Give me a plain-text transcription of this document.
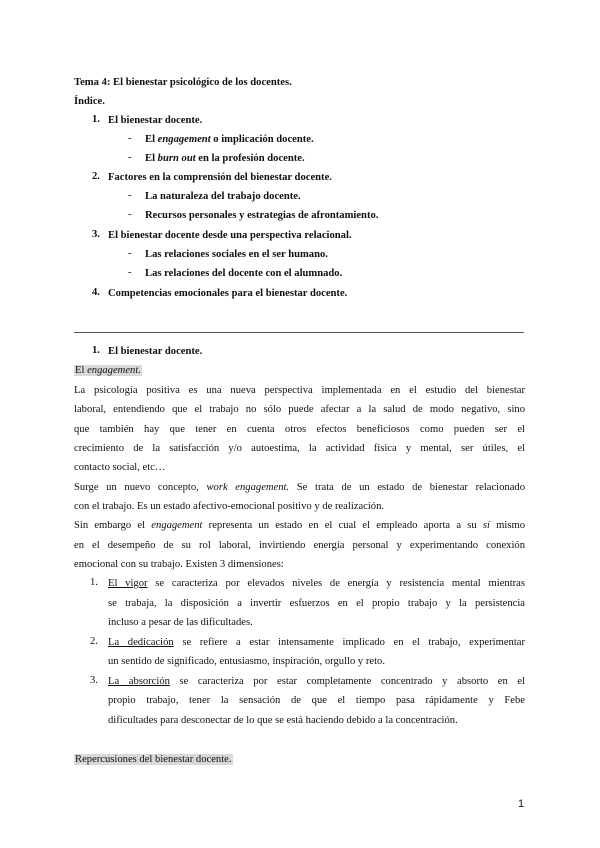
Tema 4: El bienestar psicológico de los docentes.
Índice.
1. El bienestar docente.
- El engagement o implicación docente.
- El burn out en la profesión docente.
2. Factores en la comprensión del bienestar docente.
- La naturaleza del trabajo docente.
- Recursos personales y estrategias de afrontamiento.
3. El bienestar docente desde una perspectiva relacional.
- Las relaciones sociales en el ser humano.
- Las relaciones del docente con el alumnado.
4. Competencias emocionales para el bienestar docente.
1. El bienestar docente.
El engagement.
La psicología positiva es una nueva perspectiva implementada en el estudio del bienestar
laboral, entendiendo que el trabajo no sólo puede afectar a la salud de modo negativo, sino
que también hay que tener en cuenta otros efectos beneficiosos como pueden ser el
crecimiento de la satisfacción y/o autoestima, la actividad física y mental, ser útiles, el
contacto social, etc…
Surge un nuevo concepto, work engagement. Se trata de un estado de bienestar relacionado
con el trabajo. Es un estado afectivo-emocional positivo y de realización.
Sin embargo el engagement representa un estado en el cual el empleado aporta a su sí mismo
en el desempeño de su rol laboral, invirtiendo energía personal y experimentando conexión
emocional con su trabajo. Existen 3 dimensiones:
1. El vigor se caracteriza por elevados niveles de energía y resistencia mental mientras
se trabaja, la disposición a invertir esfuerzos en el propio trabajo y la persistencia
incluso a pesar de las dificultades.
2. La dedicación se refiere a estar intensamente implicado en el trabajo, experimentar
un sentido de significado, entusiasmo, inspiración, orgullo y reto.
3. La absorción se caracteriza por estar completamente concentrado y absorto en el
propio trabajo, tener la sensación de que el tiempo pasa rápidamente y Febe
dificultades para desconectar de lo que se está haciendo debido a la concentración.
Repercusiones del bienestar docente.
1
